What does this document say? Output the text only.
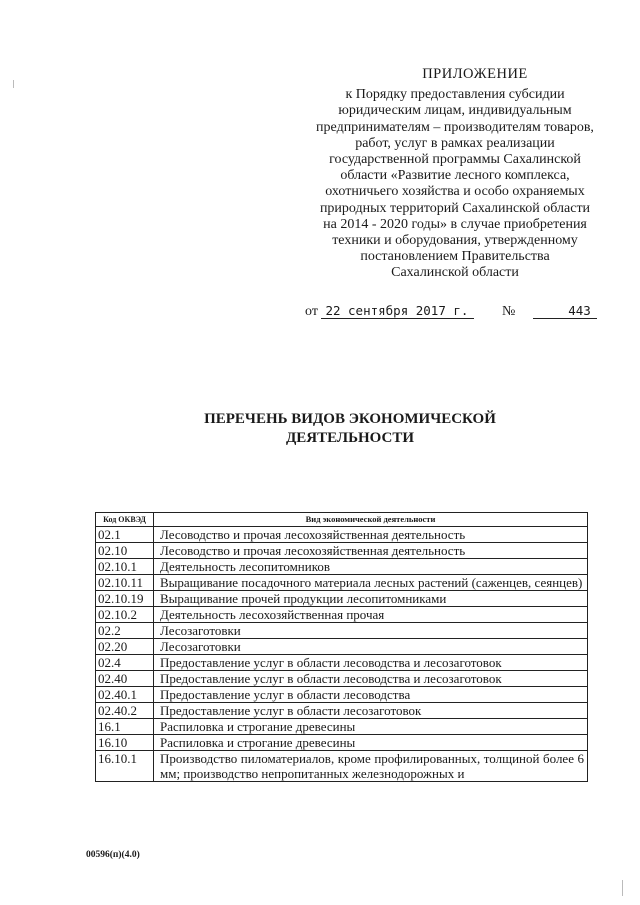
ПРИЛОЖЕНИЕ
к Порядку предоставления субсидии
юридическим лицам, индивидуальным
предпринимателям – производителям товаров,
работ, услуг в рамках реализации
государственной программы Сахалинской
области «Развитие лесного комплекса,
охотничьего хозяйства и особо охраняемых
природных территорий Сахалинской области
на 2014 - 2020 годы» в случае приобретения
техники и оборудования, утвержденному
постановлением Правительства
Сахалинской области
от 22 сентября 2017 г. №	443
ПЕРЕЧЕНЬ ВИДОВ ЭКОНОМИЧЕСКОЙ
ДЕЯТЕЛЬНОСТИ
Код ОКВЭД	Вид экономической деятельности
02.1	Лесоводство и прочая лесохозяйственная деятельность
02.10	Лесоводство и прочая лесохозяйственная деятельность
02.10.1	Деятельность лесопитомников
02.10.11	Выращивание посадочного материала лесных растений (саженцев, сеянцев)
02.10.19	Выращивание прочей продукции лесопитомниками
02.10.2	Деятельность лесохозяйственная прочая
02.2	Лесозаготовки
02.20	Лесозаготовки
02.4	Предоставление услуг в области лесоводства и лесозаготовок
02.40	Предоставление услуг в области лесоводства и лесозаготовок
02.40.1	Предоставление услуг в области лесоводства
02.40.2	Предоставление услуг в области лесозаготовок
16.1	Распиловка и строгание древесины
16.10	Распиловка и строгание древесины
16.10.1	Производство пиломатериалов, кроме профилированных, толщиной более 6 мм; производство непропитанных железнодорожных и
00596(п)(4.0)
